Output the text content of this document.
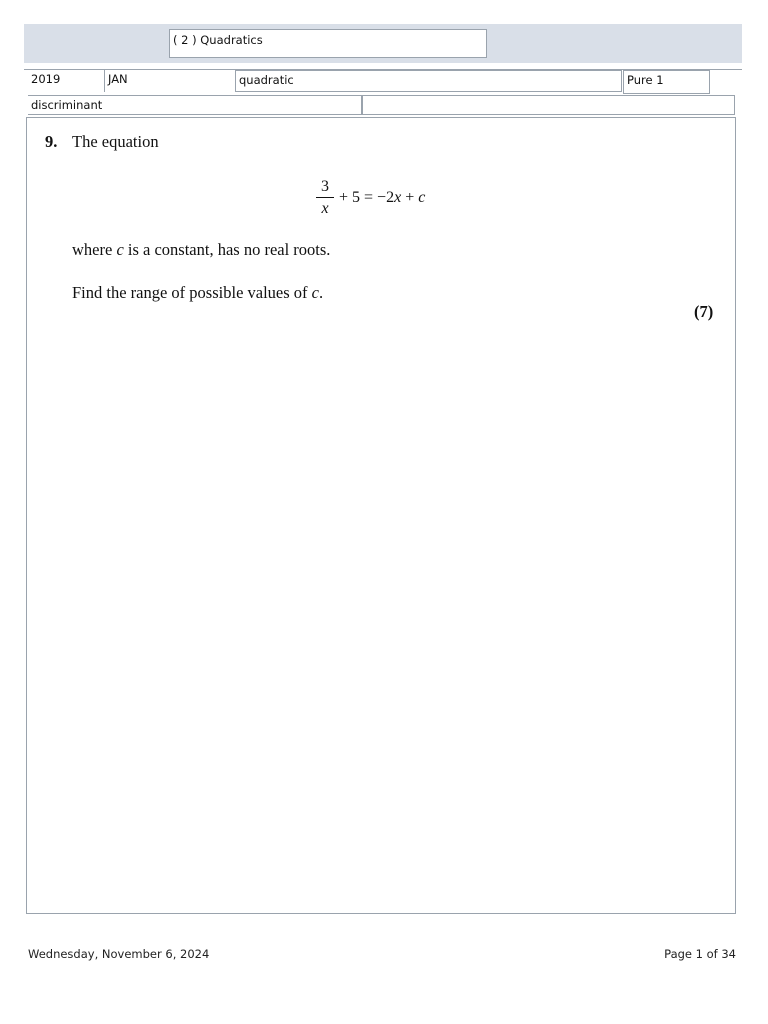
( 2 ) Quadratics
2019	JAN	quadratic	Pure 1
discriminant
9. The equation
3
x
+ 5 = −2x + c
where c is a constant, has no real roots.
Find the range of possible values of c.
(7)
Wednesday, November 6, 2024	Page 1 of 34
